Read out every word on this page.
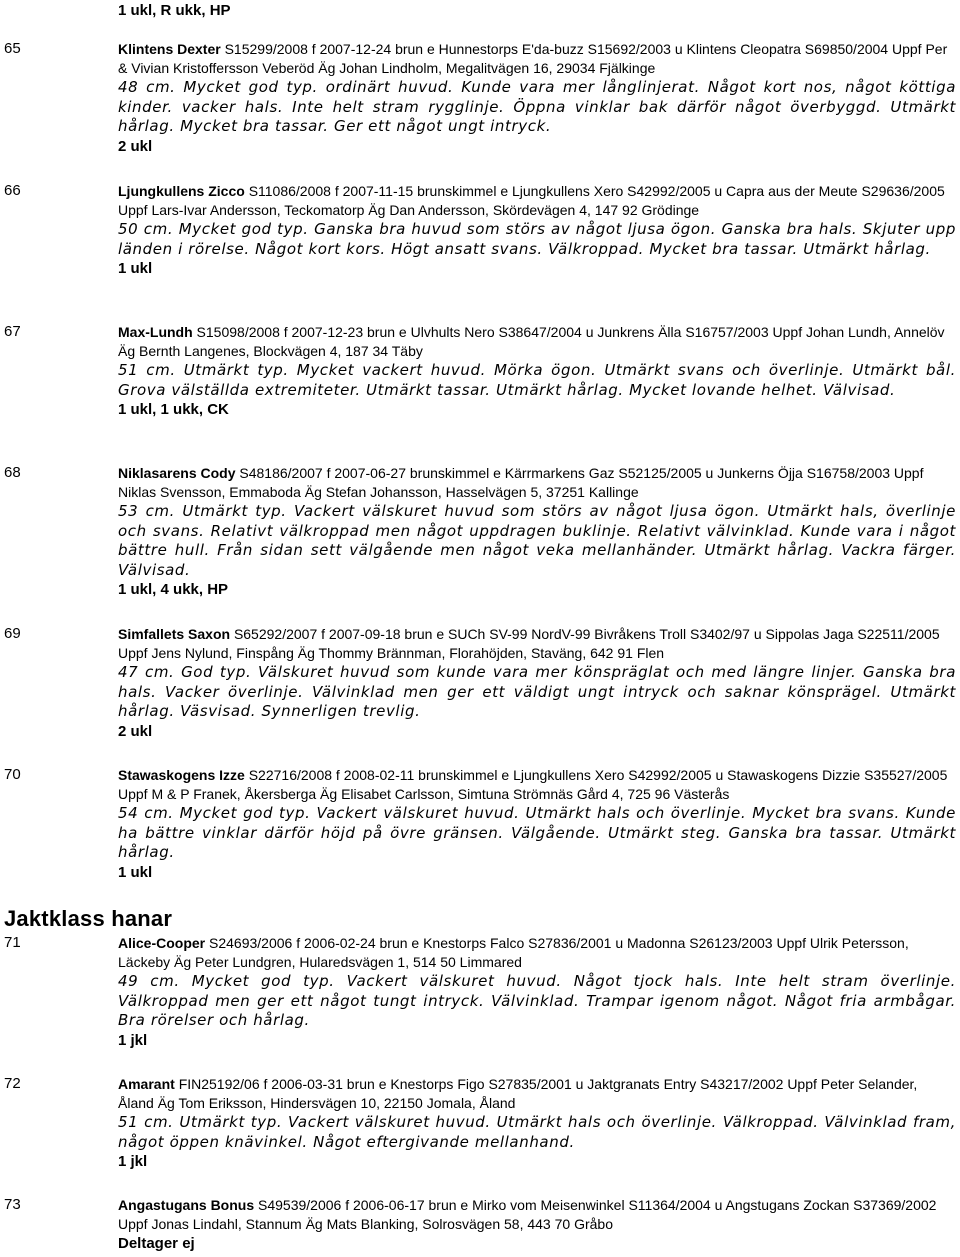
1 ukl, R ukk, HP
65	Klintens Dexter S15299/2008 f 2007-12-24 brun e Hunnestorps E'da-buzz S15692/2003 u Klintens Cleopatra S69850/2004 Uppf Per & Vivian Kristoffersson Veberöd Äg Johan Lindholm, Megalitvägen 16, 29034 Fjälkinge
48 cm. Mycket god typ. ordinärt huvud. Kunde vara mer långlinjerat. Något kort nos, något köttiga kinder. vacker hals. Inte helt stram rygglinje. Öppna vinklar bak därför något överbyggd. Utmärkt hårlag. Mycket bra tassar. Ger ett något ungt intryck.
2 ukl
66	Ljungkullens Zicco S11086/2008 f 2007-11-15 brunskimmel e Ljungkullens Xero S42992/2005 u Capra aus der Meute S29636/2005 Uppf Lars-Ivar Andersson, Teckomatorp Äg Dan Andersson, Skördevägen 4, 147 92 Grödinge
50 cm. Mycket god typ. Ganska bra huvud som störs av något ljusa ögon. Ganska bra hals. Skjuter upp länden i rörelse. Något kort kors. Högt ansatt svans. Välkroppad. Mycket bra tassar. Utmärkt hårlag.
1 ukl
67	Max-Lundh S15098/2008 f 2007-12-23 brun e Ulvhults Nero S38647/2004 u Junkrens Älla S16757/2003 Uppf Johan Lundh, Annelöv Äg Bernth Langenes, Blockvägen 4, 187 34 Täby
51 cm. Utmärkt typ. Mycket vackert huvud. Mörka ögon. Utmärkt svans och överlinje. Utmärkt bål. Grova välställda extremiteter. Utmärkt tassar. Utmärkt hårlag. Mycket lovande helhet. Välvisad.
1 ukl, 1 ukk, CK
68	Niklasarens Cody S48186/2007 f 2007-06-27 brunskimmel e Kärrmarkens Gaz S52125/2005 u Junkerns Öjja S16758/2003 Uppf Niklas Svensson, Emmaboda Äg Stefan Johansson, Hasselvägen 5, 37251 Kallinge
53 cm. Utmärkt typ. Vackert välskuret huvud som störs av något ljusa ögon. Utmärkt hals, överlinje och svans. Relativt välkroppad men något uppdragen buklinje. Relativt välvinklad. Kunde vara i något bättre hull. Från sidan sett välgående men något veka mellanhänder. Utmärkt hårlag. Vackra färger. Välvisad.
1 ukl, 4 ukk, HP
69	Simfallets Saxon S65292/2007 f 2007-09-18 brun e SUCh SV-99 NordV-99 Bivråkens Troll S3402/97 u Sippolas Jaga S22511/2005 Uppf Jens Nylund, Finspång Äg Thommy Brännman, Florahöjden, Staväng, 642 91 Flen
47 cm. God typ. Välskuret huvud som kunde vara mer könspräglat och med längre linjer. Ganska bra hals. Vacker överlinje. Välvinklad men ger ett väldigt ungt intryck och saknar könsprägel. Utmärkt hårlag. Väsvisad. Synnerligen trevlig.
2 ukl
70	Stawaskogens Izze S22716/2008 f 2008-02-11 brunskimmel e Ljungkullens Xero S42992/2005 u Stawaskogens Dizzie S35527/2005 Uppf M & P Franek, Åkersberga Äg Elisabet Carlsson, Simtuna Strömnäs Gård 4, 725 96 Västerås
54 cm. Mycket god typ. Vackert välskuret huvud. Utmärkt hals och överlinje. Mycket bra svans. Kunde ha bättre vinklar därför höjd på övre gränsen. Välgående. Utmärkt steg. Ganska bra tassar. Utmärkt hårlag.
1 ukl
Jaktklass hanar
71	Alice-Cooper S24693/2006 f 2006-02-24 brun e Knestorps Falco S27836/2001 u Madonna S26123/2003 Uppf Ulrik Petersson, Läckeby Äg Peter Lundgren, Hularedsvägen 1, 514 50 Limmared
49 cm. Mycket god typ. Vackert välskuret huvud. Något tjock hals. Inte helt stram överlinje. Välkroppad men ger ett något tungt intryck. Välvinklad. Trampar igenom något. Något fria armbågar. Bra rörelser och hårlag.
1 jkl
72	Amarant FIN25192/06 f 2006-03-31 brun e Knestorps Figo S27835/2001 u Jaktgranats Entry S43217/2002 Uppf Peter Selander, Åland Äg Tom Eriksson, Hindersvägen 10, 22150 Jomala, Åland
51 cm. Utmärkt typ. Vackert välskuret huvud. Utmärkt hals och överlinje. Välkroppad. Välvinklad fram, något öppen knävinkel. Något eftergivande mellanhand.
1 jkl
73	Angastugans Bonus S49539/2006 f 2006-06-17 brun e Mirko vom Meisenwinkel S11364/2004 u Angstugans Zockan S37369/2002 Uppf Jonas Lindahl, Stannum Äg Mats Blanking, Solrosvägen 58, 443 70 Gråbo
Deltager ej
